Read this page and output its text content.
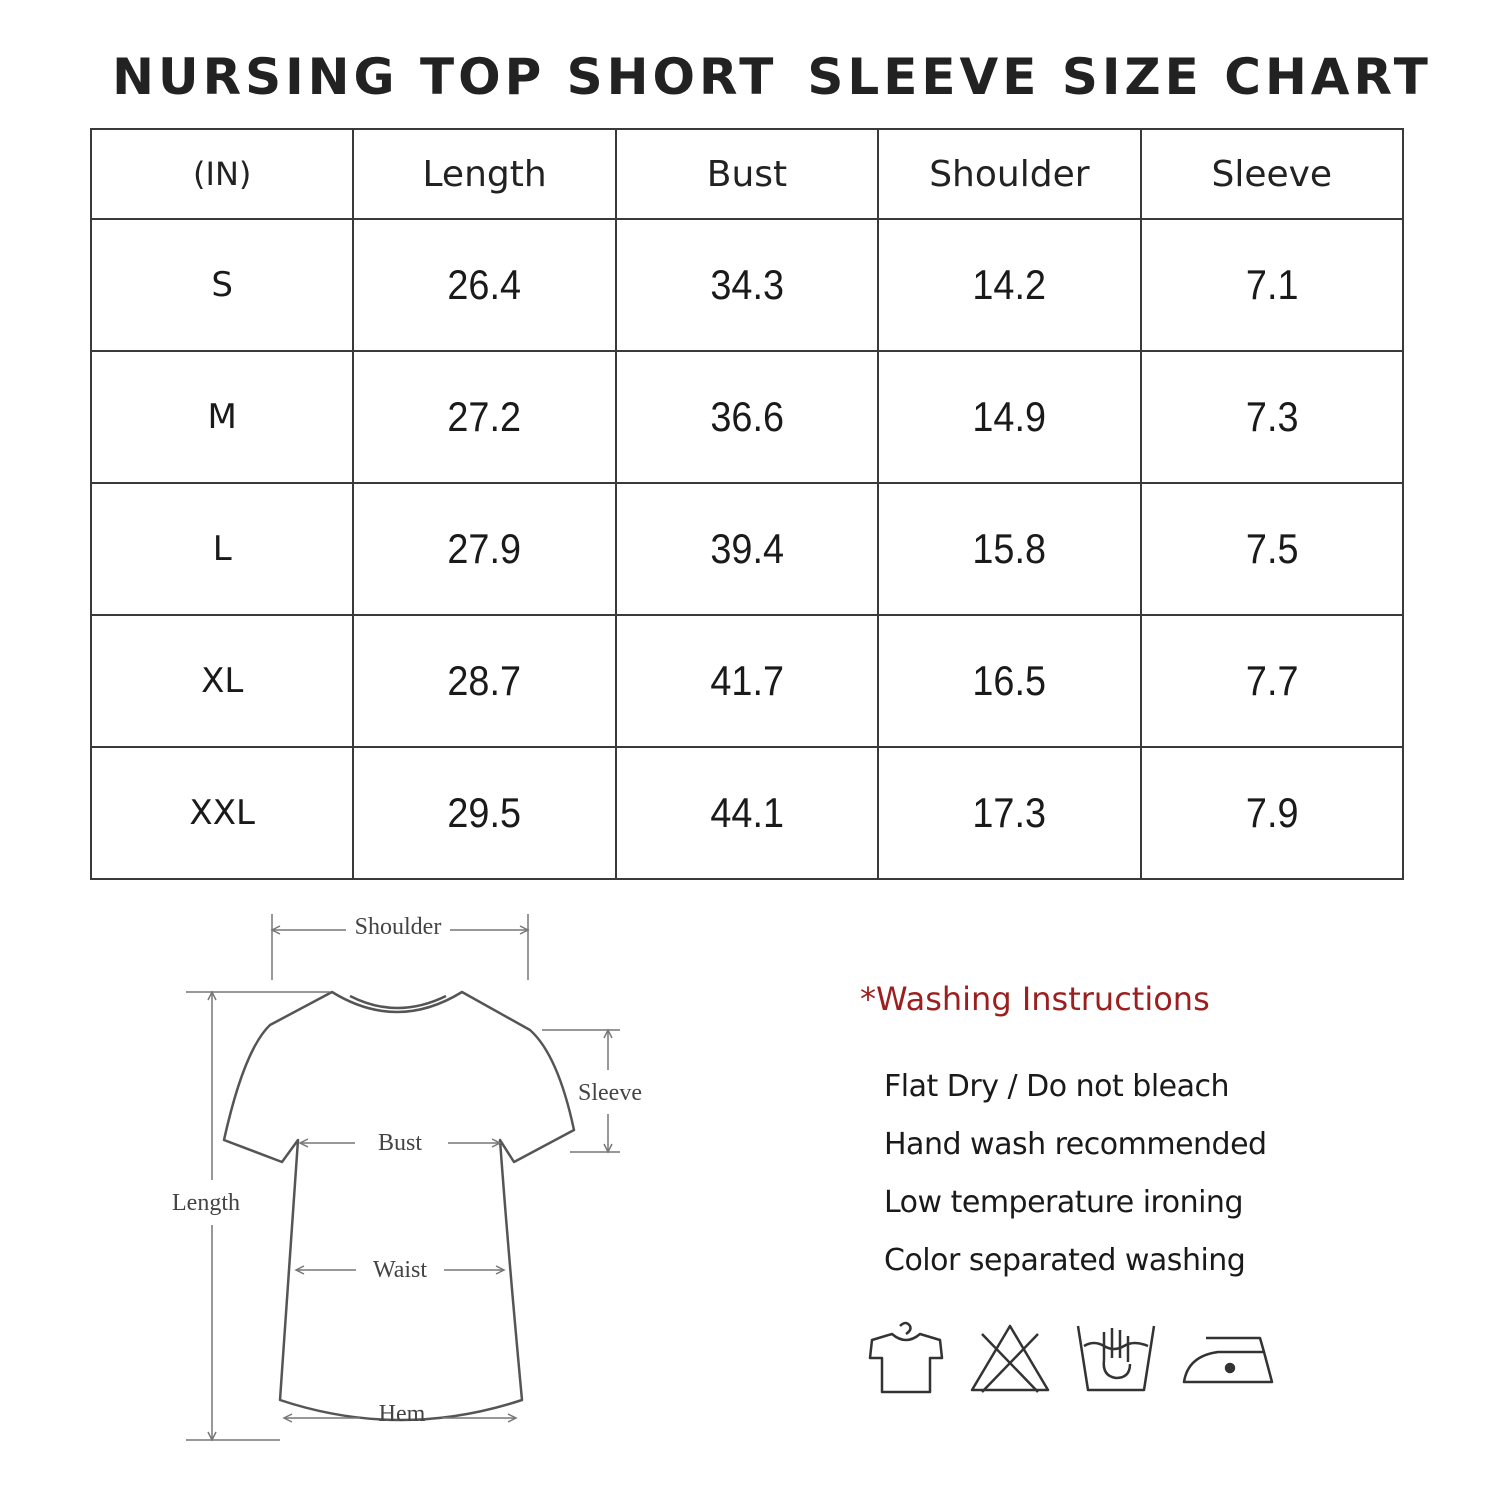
NURSING TOP SHORT SLEEVE SIZE CHART
(IN)	Length	Bust	Shoulder	Sleeve
S	26.4	34.3	14.2	7.1
M	27.2	36.6	14.9	7.3
L	27.9	39.4	15.8	7.5
XL	28.7	41.7	16.5	7.7
XXL	29.5	44.1	17.3	7.9
Shoulder
Sleeve
Bust
Length
Waist
Hem

*Washing Instructions

Flat Dry / Do not bleach
Hand wash recommended
Low temperature ironing
Color separated washing
